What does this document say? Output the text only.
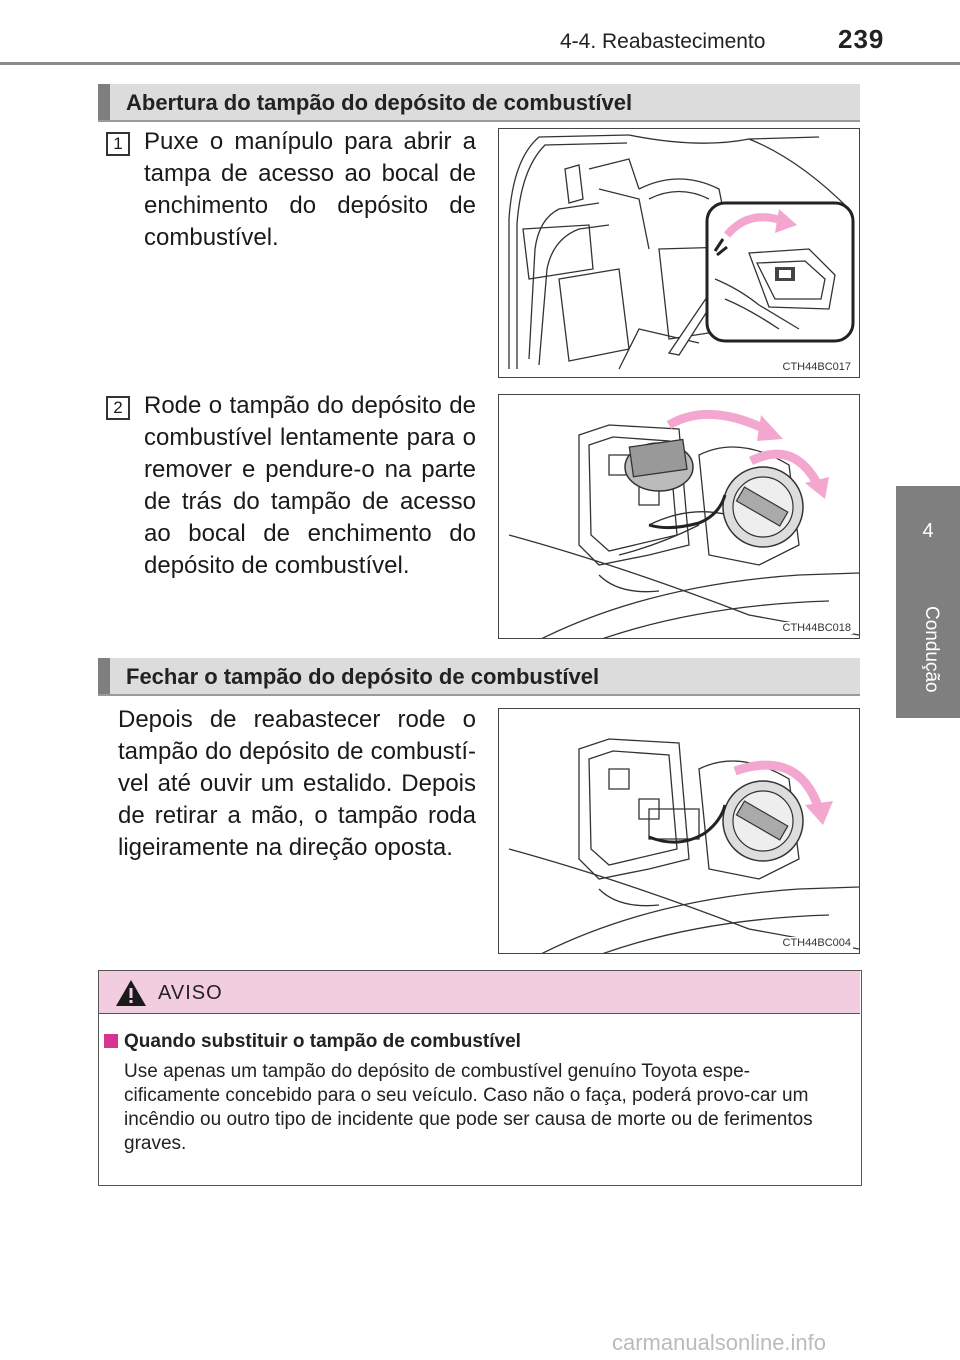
4-4. Reabastecimento	239
4
Condução
Abertura do tampão do depósito de combustível
1 Puxe o manípulo para abrir a tampa de acesso ao bocal de enchimento do depósito de combustível.
CTH44BC017
2 Rode o tampão do depósito de combustível lentamente para o remover e pendure-o na parte de trás do tampão de acesso ao bocal de enchimento do depósito de combustível.
CTH44BC018
Fechar o tampão do depósito de combustível
Depois de reabastecer rode o tampão do depósito de combustí-vel até ouvir um estalido. Depois de retirar a mão, o tampão roda ligeiramente na direção oposta.
CTH44BC004
AVISO
Quando substituir o tampão de combustível
Use apenas um tampão do depósito de combustível genuíno Toyota espe-cificamente concebido para o seu veículo. Caso não o faça, poderá provo-car um incêndio ou outro tipo de incidente que pode ser causa de morte ou de ferimentos graves.
carmanualsonline.info
